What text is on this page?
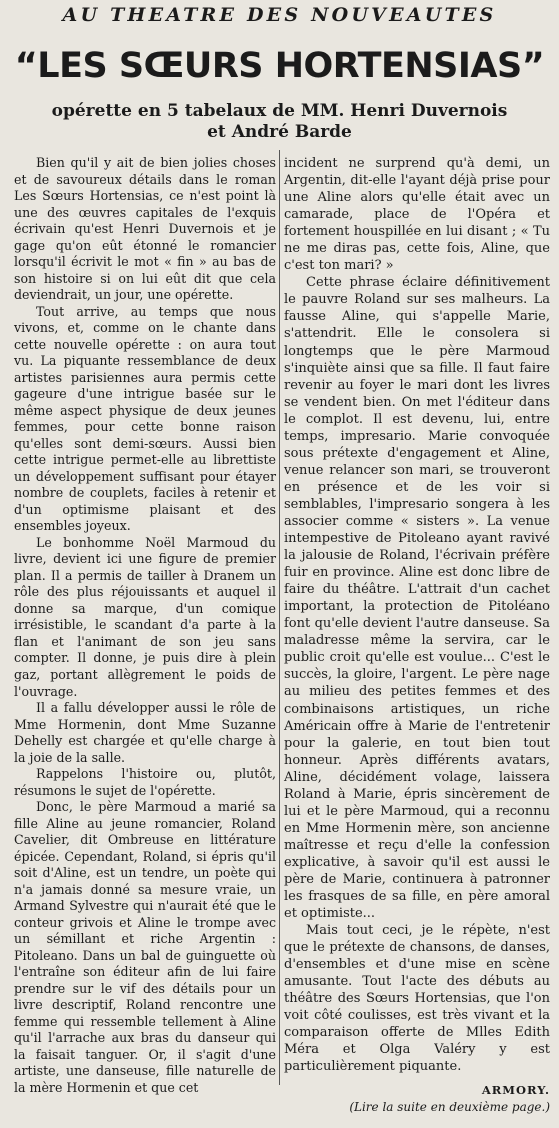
AU THEATRE DES NOUVEAUTES
“LES SŒURS HORTENSIAS”
opérette en 5 tabelaux de MM. Henri Duvernois
et André Barde

Bien qu'il y ait de bien jolies choses et de savoureux détails dans le roman Les Sœurs Hortensias, ce n'est point là une des œuvres capitales de l'exquis écrivain qu'est Henri Duvernois et je gage qu'on eût étonné le romancier lorsqu'il écrivit le mot « fin » au bas de son histoire si on lui eût dit que cela deviendrait, un jour, une opérette.

Tout arrive, au temps que nous vivons, et, comme on le chante dans cette nouvelle opérette : on aura tout vu. La piquante ressemblance de deux artistes parisiennes aura permis cette gageure d'une intrigue basée sur le même aspect physique de deux jeunes femmes, pour cette bonne raison qu'elles sont demi-sœurs. Aussi bien cette intrigue permet-elle au librettiste un développement suffisant pour étayer nombre de couplets, faciles à retenir et d'un optimisme plaisant et des ensembles joyeux.

Le bonhomme Noël Marmoud du livre, devient ici une figure de premier plan. Il a permis de tailler à Dranem un rôle des plus réjouissants et auquel il donne sa marque, d'un comique irrésistible, le scandant d'a parte à la flan et l'animant de son jeu sans compter. Il donne, je puis dire à plein gaz, portant allègrement le poids de l'ouvrage.

Il a fallu développer aussi le rôle de Mme Hormenin, dont Mme Suzanne Dehelly est chargée et qu'elle charge à la joie de la salle.

Rappelons l'histoire ou, plutôt, résumons le sujet de l'opérette.

Donc, le père Marmoud a marié sa fille Aline au jeune romancier, Roland Cavelier, dit Ombreuse en littérature épicée. Cependant, Roland, si épris qu'il soit d'Aline, est un tendre, un poète qui n'a jamais donné sa mesure vraie, un Armand Sylvestre qui n'aurait été que le conteur grivois et Aline le trompe avec un sémillant et riche Argentin : Pitoleano. Dans un bal de guinguette où l'entraîne son éditeur afin de lui faire prendre sur le vif des détails pour un livre descriptif, Roland rencontre une femme qui ressemble tellement à Aline qu'il l'arrache aux bras du danseur qui la faisait tanguer. Or, il s'agit d'une artiste, une danseuse, fille naturelle de la mère Hormenin et que cet

incident ne surprend qu'à demi, un Argentin, dit-elle l'ayant déjà prise pour une Aline alors qu'elle était avec un camarade, place de l'Opéra et fortement houspillée en lui disant ; « Tu ne me diras pas, cette fois, Aline, que c'est ton mari? »

Cette phrase éclaire définitivement le pauvre Roland sur ses malheurs. La fausse Aline, qui s'appelle Marie, s'attendrit. Elle le consolera si longtemps que le père Marmoud s'inquiète ainsi que sa fille. Il faut faire revenir au foyer le mari dont les livres se vendent bien. On met l'éditeur dans le complot. Il est devenu, lui, entre temps, impresario. Marie convoquée sous prétexte d'engagement et Aline, venue relancer son mari, se trouveront en présence et de les voir si semblables, l'impresario songera à les associer comme « sisters ». La venue intempestive de Pitoleano ayant ravivé la jalousie de Roland, l'écrivain préfère fuir en province. Aline est donc libre de faire du théâtre. L'attrait d'un cachet important, la protection de Pitoléano font qu'elle devient l'autre danseuse. Sa maladresse même la servira, car le public croit qu'elle est voulue... C'est le succès, la gloire, l'argent. Le père nage au milieu des petites femmes et des combinaisons artistiques, un riche Américain offre à Marie de l'entretenir pour la galerie, en tout bien tout honneur. Après différents avatars, Aline, décidément volage, laissera Roland à Marie, épris sincèrement de lui et le père Marmoud, qui a reconnu en Mme Hormenin mère, son ancienne maîtresse et reçu d'elle la confession explicative, à savoir qu'il est aussi le père de Marie, continuera à patronner les frasques de sa fille, en père amoral et optimiste...

Mais tout ceci, je le répète, n'est que le prétexte de chansons, de danses, d'ensembles et d'une mise en scène amusante. Tout l'acte des débuts au théâtre des Sœurs Hortensias, que l'on voit côté coulisses, est très vivant et la comparaison offerte de Mlles Edith Méra et Olga Valéry y est particulièrement piquante.

ARMORY.

(Lire la suite en deuxième page.)
